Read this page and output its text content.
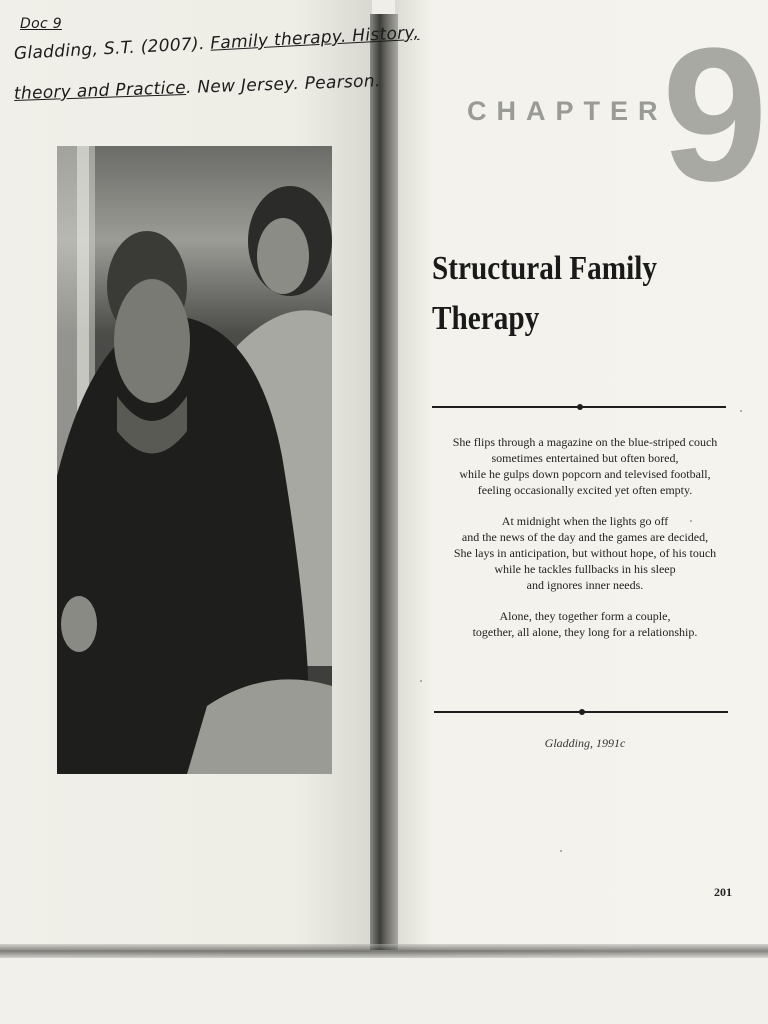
Doc 9
Gladding, S.T. (2007). Family therapy. History,
theory and Practice. New Jersey. Pearson.
CHAPTER
9
Structural Family
Therapy
She flips through a magazine on the blue-striped couch
sometimes entertained but often bored,
while he gulps down popcorn and televised football,
feeling occasionally excited yet often empty.
At midnight when the lights go off
and the news of the day and the games are decided,
She lays in anticipation, but without hope, of his touch
while he tackles fullbacks in his sleep
and ignores inner needs.
Alone, they together form a couple,
together, all alone, they long for a relationship.
Gladding, 1991c
201
